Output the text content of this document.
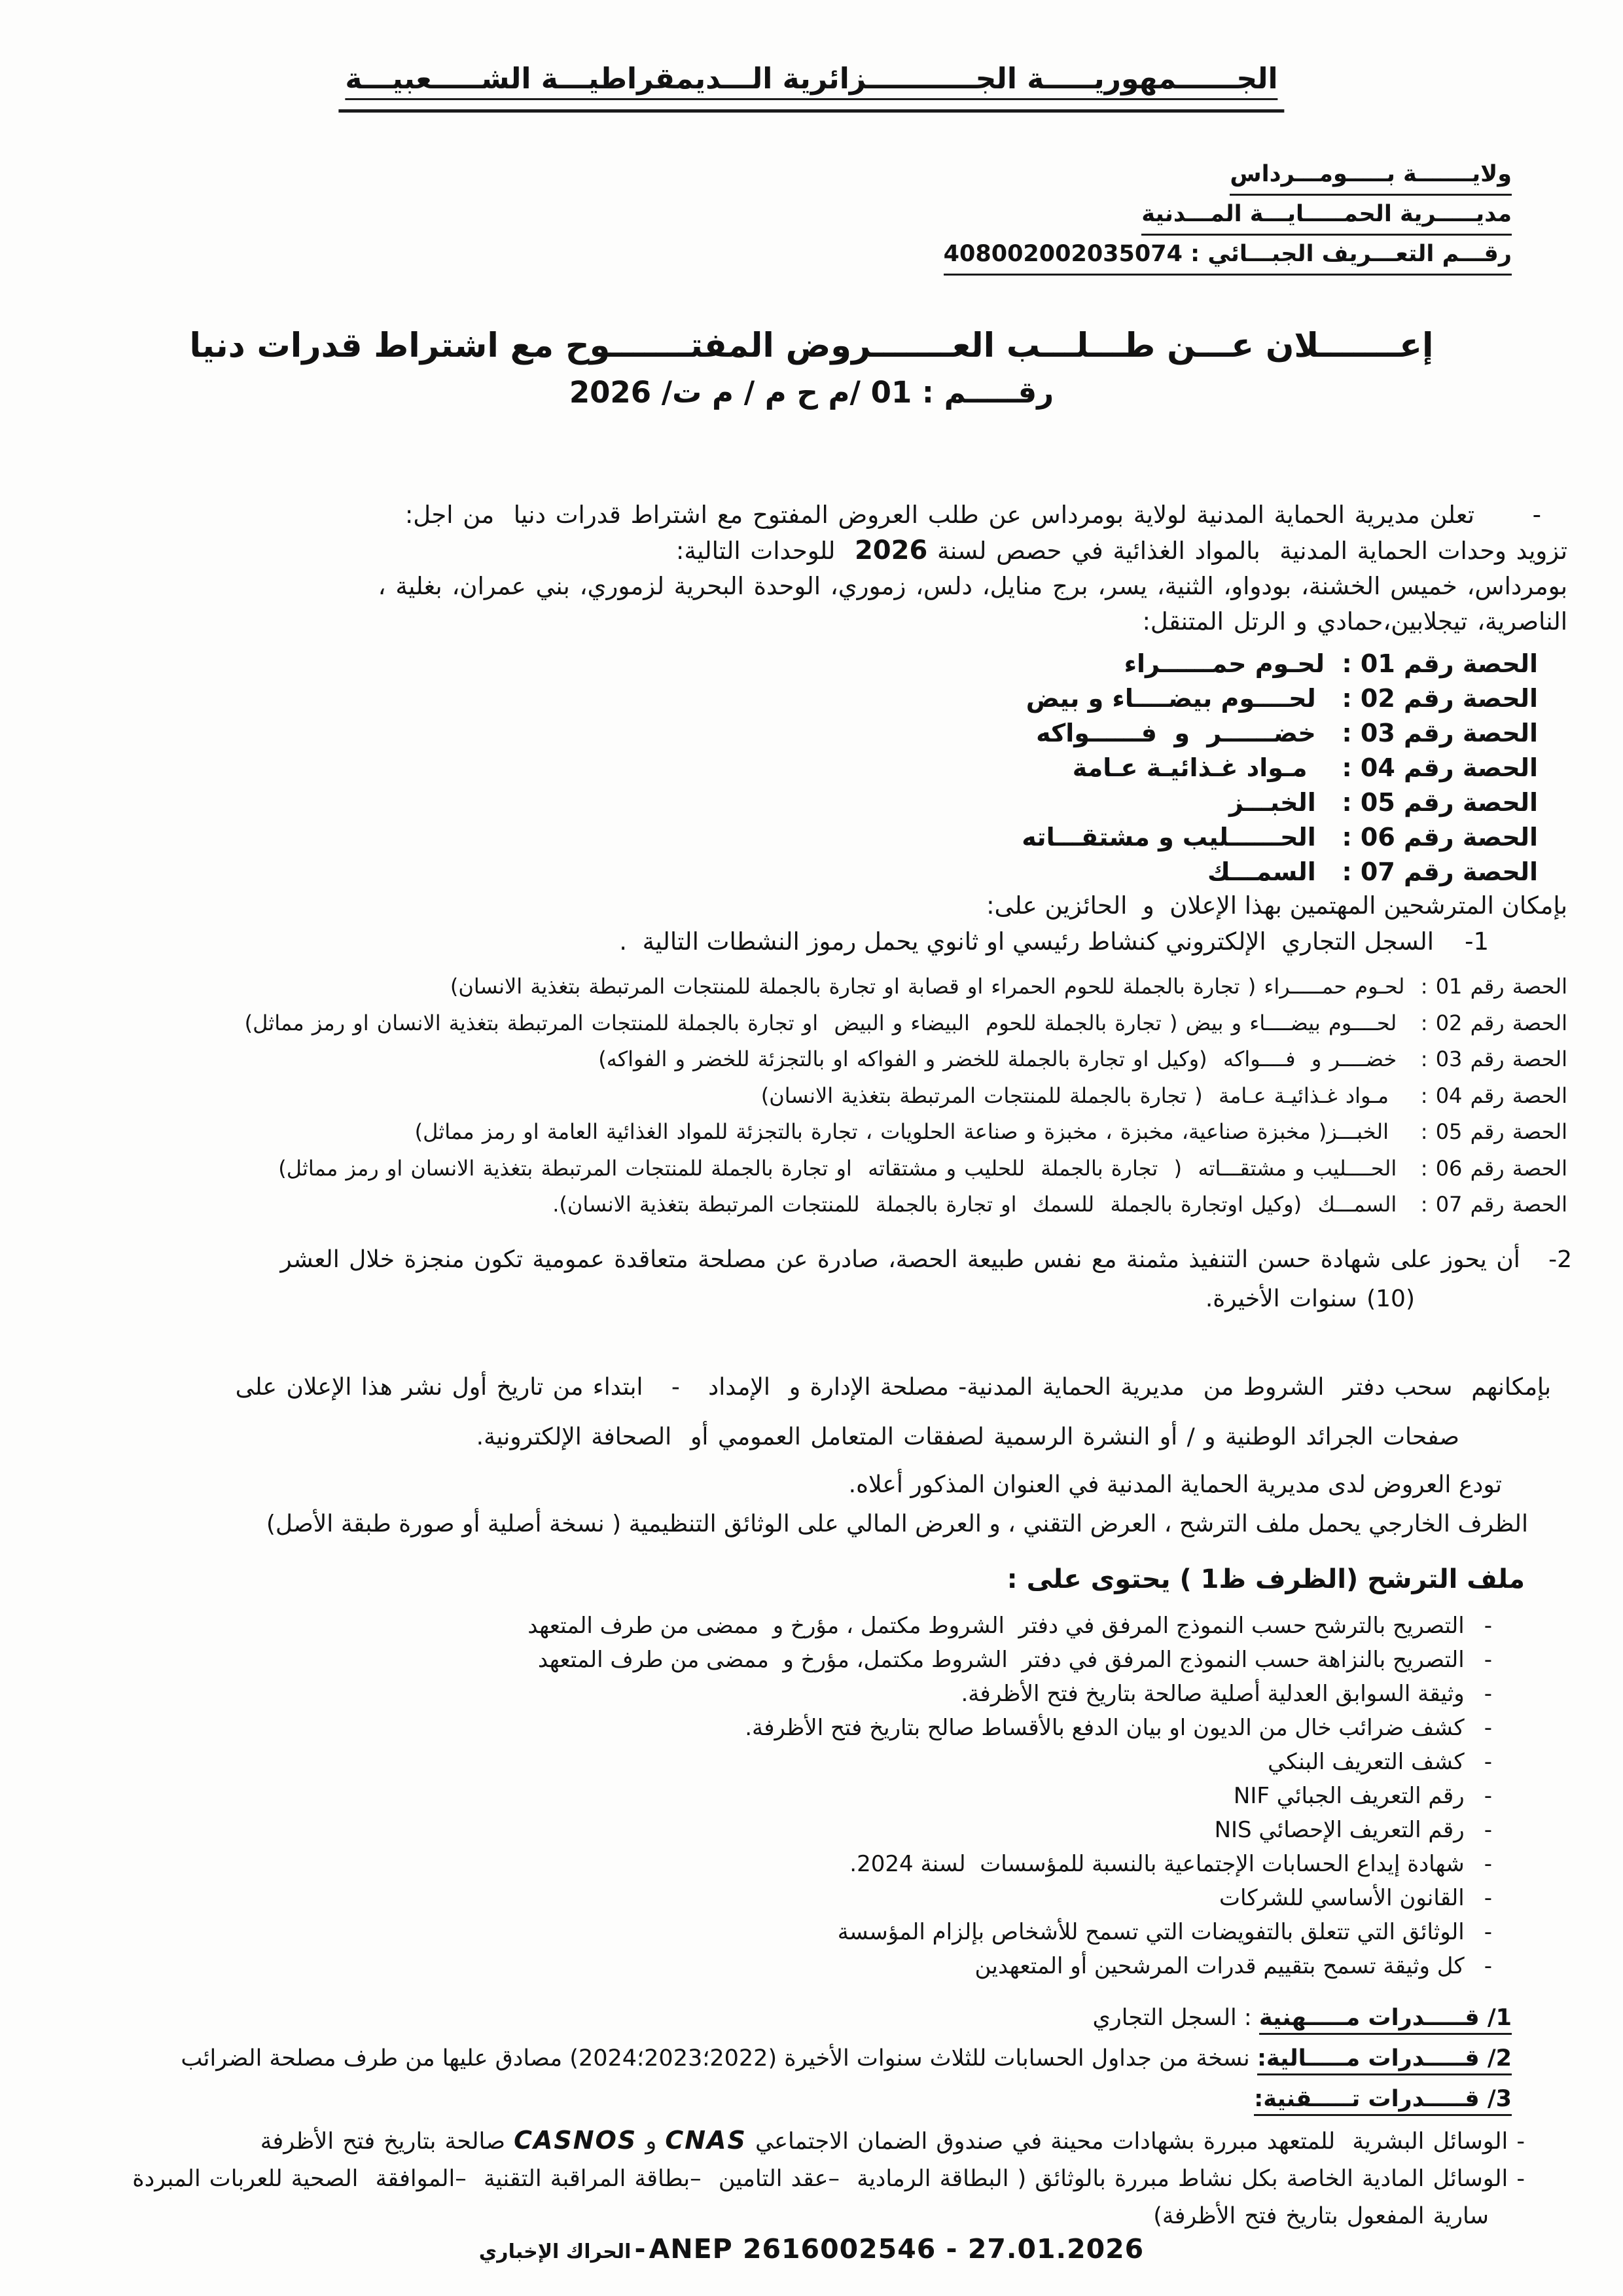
الجــــــمهوريـــــة الجـــــــــــزائرية الـــديمقراطيـــة الشـــــعبيـــة
ولايـــــــة بـــــومـــرداس
مديـــــرية الحمـــــايـــة المـــدنية
رقـــم التعـــريف الجبـــائي : 408002002035074
إعـــــــلان عـــن طـــلـــب العـــــــروض المفتـــــــوح مع اشتراط قدرات دنيا
رقـــــم : 01 /م ح م / م ت/ 2026
-      تعلن مديرية الحماية المدنية لولاية بومرداس عن طلب العروض المفتوح مع اشتراط قدرات دنيا  من اجل:
تزويد وحدات الحماية المدنية  بالمواد الغذائية في حصص لسنة 2026  للوحدات التالية:
بومرداس، خميس الخشنة، بودواو، الثنية، يسر، برج منايل، دلس، زموري، الوحدة البحرية لزموري، بني عمران، بغلية ،
الناصرية، تيجلابين،حمادي و الرتل المتنقل:
الحصة رقم 01 :  لحـوم حمــــــراء
الحصة رقم 02 :   لحــــوم بيضــــاء و بيض
الحصة رقم 03 :   خضــــــر  و  فــــــواكه
الحصة رقم 04 :    مـواد غـذائيـة عـامة
الحصة رقم 05 :   الخبـــز
الحصة رقم 06 :   الحــــــليب و مشتقـــاته
الحصة رقم 07 :   السمـــك
بإمكان المترشحين المهتمين بهذا الإعلان  و  الحائزين على:
1-    السجل التجاري  الإلكتروني كنشاط رئيسي او ثانوي يحمل رموز النشطات التالية  .
الحصة رقم 01 :  لحـوم حمـــــراء ( تجارة بالجملة للحوم الحمراء او قصابة او تجارة بالجملة للمنتجات المرتبطة بتغذية الانسان)
الحصة رقم 02 :   لحــــوم بيضــــاء و بيض ( تجارة بالجملة للحوم  البيضاء و البيض  او تجارة بالجملة للمنتجات المرتبطة بتغذية الانسان او رمز مماثل)
الحصة رقم 03 :   خضــــر و  فــــواكه  (وكيل او تجارة بالجملة للخضر و الفواكه او بالتجزئة للخضر و الفواكه)
الحصة رقم 04 :    مـواد غـذائيـة عـامة  ( تجارة بالجملة للمنتجات المرتبطة بتغذية الانسان)
الحصة رقم 05 :    الخبـــز( مخبزة صناعية، مخبزة ، مخبزة و صناعة الحلويات ، تجارة بالتجزئة للمواد الغذائية العامة او رمز مماثل)
الحصة رقم 06 :   الحــــليب و مشتقـــاته  (  تجارة بالجملة  للحليب و مشتقاته  او تجارة بالجملة للمنتجات المرتبطة بتغذية الانسان او رمز مماثل)
الحصة رقم 07 :   السمـــك  (وكيل اوتجارة بالجملة  للسمك  او تجارة بالجملة  للمنتجات المرتبطة بتغذية الانسان).
2-   أن يحوز على شهادة حسن التنفيذ مثمنة مع نفس طبيعة الحصة، صادرة عن مصلحة متعاقدة عمومية تكون منجزة خلال العشر
(10) سنوات الأخيرة.
بإمكانهم  سحب دفتر  الشروط من  مديرية الحماية المدنية- مصلحة الإدارة و  الإمداد   -   ابتداء من تاريخ أول نشر هذا الإعلان على
صفحات الجرائد الوطنية و / أو النشرة الرسمية لصفقات المتعامل العمومي أو  الصحافة الإلكترونية.
تودع العروض لدى مديرية الحماية المدنية في العنوان المذكور أعلاه.
الظرف الخارجي يحمل ملف الترشح ، العرض التقني ، و العرض المالي على الوثائق التنظيمية ( نسخة أصلية أو صورة طبقة الأصل)
ملف الترشح (الظرف ظ1 ) يحتوى على :
-
التصريح بالترشح حسب النموذج المرفق في دفتر  الشروط مكتمل ، مؤرخ و  ممضى من طرف المتعهد
-
التصريح بالنزاهة حسب النموذج المرفق في دفتر  الشروط مكتمل، مؤرخ و  ممضى من طرف المتعهد
-
وثيقة السوابق العدلية أصلية صالحة بتاريخ فتح الأظرفة.
-
كشف ضرائب خال من الديون او بيان الدفع بالأقساط صالح بتاريخ فتح الأظرفة.
-
كشف التعريف البنكي
-
رقم التعريف الجبائي NIF
-
رقم التعريف الإحصائي NIS
-
شهادة إيداع الحسابات الإجتماعية بالنسبة للمؤسسات  لسنة 2024.
-
القانون الأساسي للشركات
-
الوثائق التي تتعلق بالتفويضات التي تسمح للأشخاص بإلزام المؤسسة
-
كل وثيقة تسمح بتقييم قدرات المرشحين أو المتعهدين
1/ قـــــدرات مـــــهنية : السجل التجاري
2/ قـــــدرات مـــــالية: نسخة من جداول الحسابات للثلاث سنوات الأخيرة (2022؛2023؛2024) مصادق عليها من طرف مصلحة الضرائب
3/ قـــــدرات تـــــقنية:
- الوسائل البشرية  للمتعهد مبررة بشهادات محينة في صندوق الضمان الاجتماعي CNAS و CASNOS صالحة بتاريخ فتح الأظرفة
- الوسائل المادية الخاصة بكل نشاط مبررة بالوثائق ( البطاقة الرمادية  –عقد التامين  –بطاقة المراقبة التقنية  –الموافقة  الصحية للعربات المبردة
سارية المفعول بتاريخ فتح الأظرفة)
الحراك الإخباري - ANEP 2616002546 - 27.01.2026
